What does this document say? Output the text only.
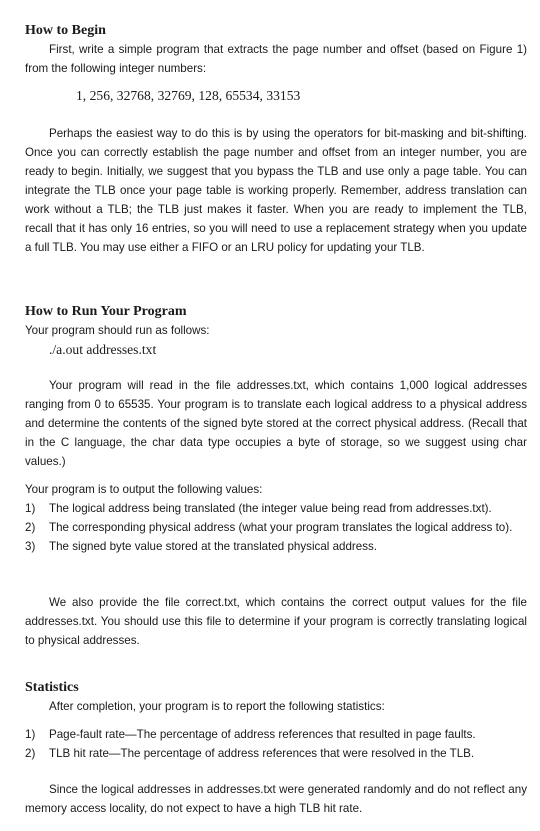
How to Begin

First, write a simple program that extracts the page number and offset (based on Figure 1) from the following integer numbers:

1, 256, 32768, 32769, 128, 65534, 33153

Perhaps the easiest way to do this is by using the operators for bit-masking and bit-shifting. Once you can correctly establish the page number and offset from an integer number, you are ready to begin. Initially, we suggest that you bypass the TLB and use only a page table. You can integrate the TLB once your page table is working properly. Remember, address translation can work without a TLB; the TLB just makes it faster. When you are ready to implement the TLB, recall that it has only 16 entries, so you will need to use a replacement strategy when you update a full TLB. You may use either a FIFO or an LRU policy for updating your TLB.

How to Run Your Program

Your program should run as follows:

./a.out addresses.txt

Your program will read in the file addresses.txt, which contains 1,000 logical addresses ranging from 0 to 65535. Your program is to translate each logical address to a physical address and determine the contents of the signed byte stored at the correct physical address. (Recall that in the C language, the char data type occupies a byte of storage, so we suggest using char values.)

Your program is to output the following values:

1) The logical address being translated (the integer value being read from addresses.txt).
2) The corresponding physical address (what your program translates the logical address to).
3) The signed byte value stored at the translated physical address.

We also provide the file correct.txt, which contains the correct output values for the file addresses.txt. You should use this file to determine if your program is correctly translating logical to physical addresses.

Statistics

After completion, your program is to report the following statistics:

1) Page-fault rate—The percentage of address references that resulted in page faults.
2) TLB hit rate—The percentage of address references that were resolved in the TLB.

Since the logical addresses in addresses.txt were generated randomly and do not reflect any memory access locality, do not expect to have a high TLB hit rate.
